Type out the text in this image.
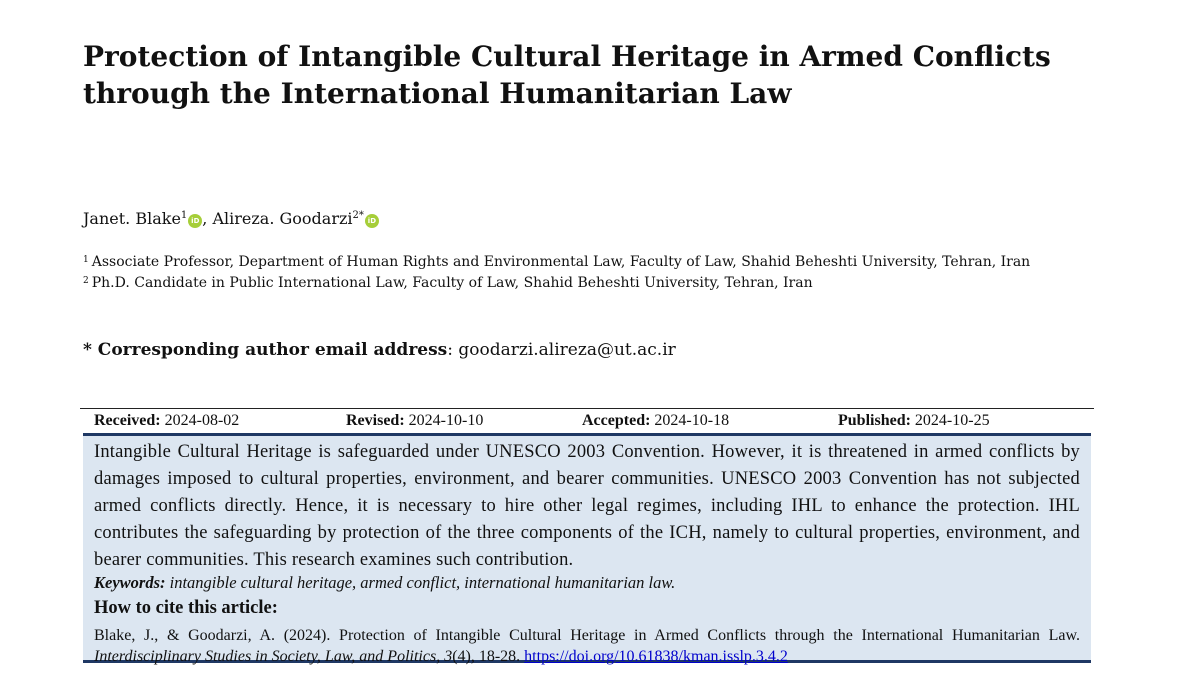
Protection of Intangible Cultural Heritage in Armed Conflicts
through the International Humanitarian Law
Janet. Blake$^1$ iD , Alireza. Goodarzi$^{2*}$ iD
$^1$ Associate Professor, Department of Human Rights and Environmental Law, Faculty of Law, Shahid Beheshti University, Tehran, Iran
$^2$ Ph.D. Candidate in Public International Law, Faculty of Law, Shahid Beheshti University, Tehran, Iran
* Corresponding author email address: goodarzi.alireza@ut.ac.ir
Received: 2024-08-02	Revised: 2024-10-10	Accepted: 2024-10-18	Published: 2024-10-25
Intangible Cultural Heritage is safeguarded under UNESCO 2003 Convention. However, it is threatened in armed conflicts by damages imposed to cultural properties, environment, and bearer communities. UNESCO 2003 Convention has not subjected armed conflicts directly. Hence, it is necessary to hire other legal regimes, including IHL to enhance the protection. IHL contributes the safeguarding by protection of the three components of the ICH, namely to cultural properties, environment, and bearer communities. This research examines such contribution.
Keywords: intangible cultural heritage, armed conflict, international humanitarian law.
How to cite this article:
Blake, J., & Goodarzi, A. (2024). Protection of Intangible Cultural Heritage in Armed Conflicts through the International Humanitarian Law. Interdisciplinary Studies in Society, Law, and Politics, 3(4), 18-28. https://doi.org/10.61838/kman.isslp.3.4.2
